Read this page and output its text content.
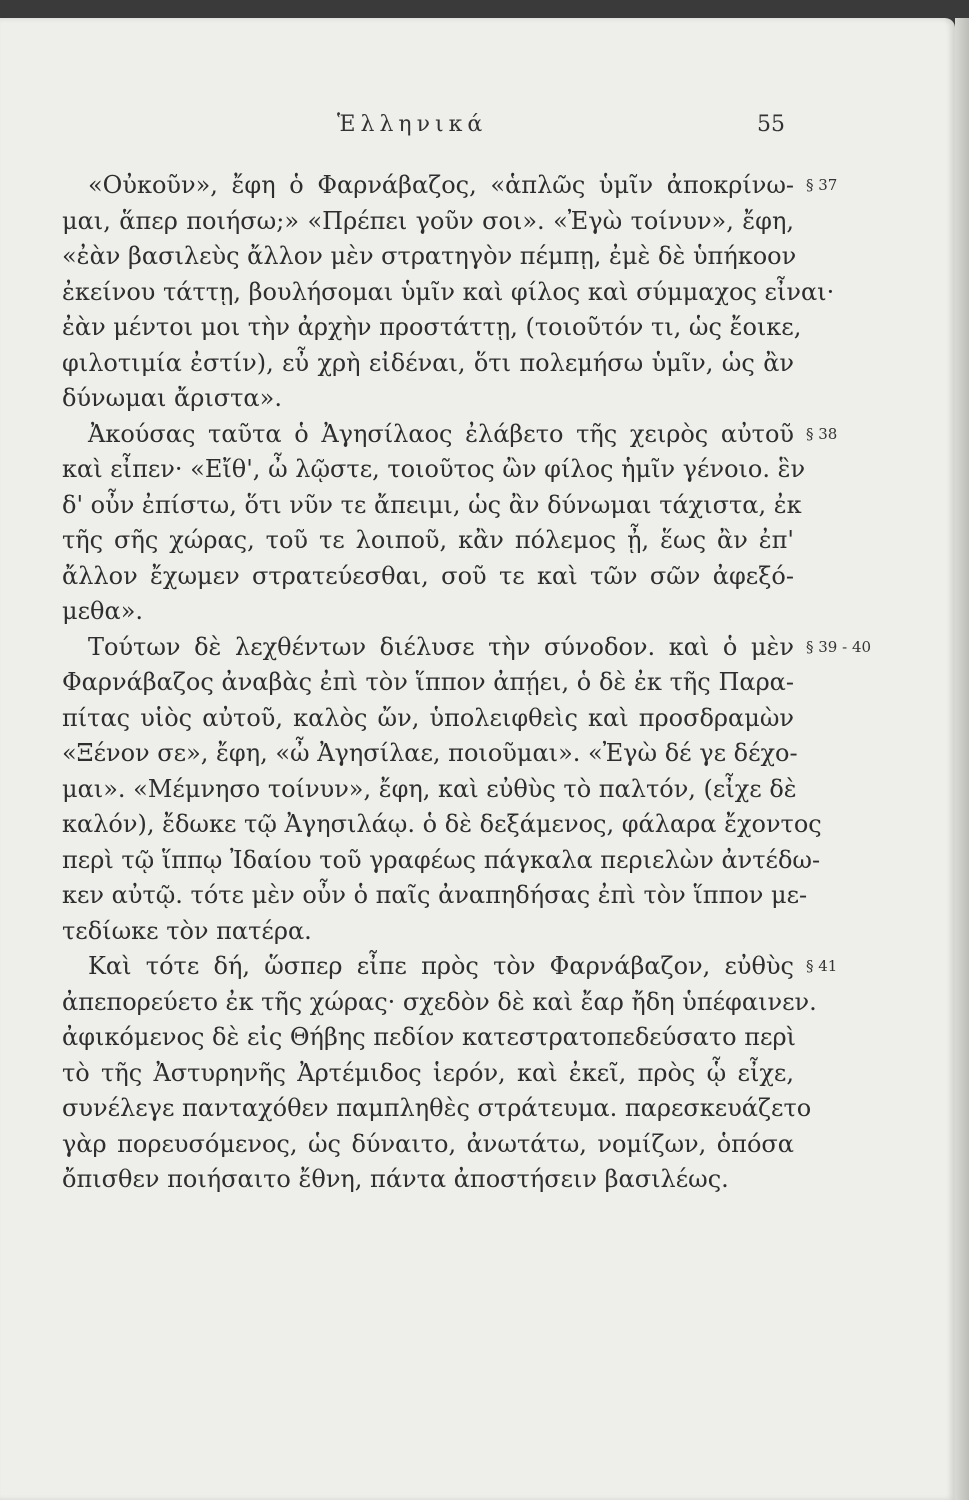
Ἑλληνικά	55
§ 37
«Οὐκοῦν», ἔφη ὁ Φαρνάβαζος, «ἁπλῶς ὑμῖν ἀποκρίνω-
μαι, ἅπερ ποιήσω;» «Πρέπει γοῦν σοι». «Ἐγὼ τοίνυν», ἔφη,
«ἐὰν βασιλεὺς ἄλλον μὲν στρατηγὸν πέμπῃ, ἐμὲ δὲ ὑπήκοον
ἐκείνου τάττῃ, βουλήσομαι ὑμῖν καὶ φίλος καὶ σύμμαχος εἶναι·
ἐὰν μέντοι μοι τὴν ἀρχὴν προστάττῃ, (τοιοῦτόν τι, ὡς ἔοικε,
φιλοτιμία ἐστίν), εὖ χρὴ εἰδέναι, ὅτι πολεμήσω ὑμῖν, ὡς ἂν
δύνωμαι ἄριστα».
§ 38
Ἀκούσας ταῦτα ὁ Ἀγησίλαος ἐλάβετο τῆς χειρὸς αὐτοῦ
καὶ εἶπεν· «Εἴθ', ὦ λῷστε, τοιοῦτος ὢν φίλος ἡμῖν γένοιο. ἓν
δ' οὖν ἐπίστω, ὅτι νῦν τε ἄπειμι, ὡς ἂν δύνωμαι τάχιστα, ἐκ
τῆς σῆς χώρας, τοῦ τε λοιποῦ, κἂν πόλεμος ᾖ, ἕως ἂν ἐπ'
ἄλλον ἔχωμεν στρατεύεσθαι, σοῦ τε καὶ τῶν σῶν ἀφεξό-
μεθα».
§ 39 - 40
Τούτων δὲ λεχθέντων διέλυσε τὴν σύνοδον. καὶ ὁ μὲν
Φαρνάβαζος ἀναβὰς ἐπὶ τὸν ἵππον ἀπῄει, ὁ δὲ ἐκ τῆς Παρα-
πίτας υἱὸς αὐτοῦ, καλὸς ὤν, ὑπολειφθεὶς καὶ προσδραμὼν
«Ξένον σε», ἔφη, «ὦ Ἀγησίλαε, ποιοῦμαι». «Ἐγὼ δέ γε δέχο-
μαι». «Μέμνησο τοίνυν», ἔφη, καὶ εὐθὺς τὸ παλτόν, (εἶχε δὲ
καλόν), ἔδωκε τῷ Ἀγησιλάῳ. ὁ δὲ δεξάμενος, φάλαρα ἔχοντος
περὶ τῷ ἵππῳ Ἰδαίου τοῦ γραφέως πάγκαλα περιελὼν ἀντέδω-
κεν αὐτῷ. τότε μὲν οὖν ὁ παῖς ἀναπηδήσας ἐπὶ τὸν ἵππον με-
τεδίωκε τὸν πατέρα.
§ 41
Καὶ τότε δή, ὥσπερ εἶπε πρὸς τὸν Φαρνάβαζον, εὐθὺς
ἀπεπορεύετο ἐκ τῆς χώρας· σχεδὸν δὲ καὶ ἔαρ ἤδη ὑπέφαινεν.
ἀφικόμενος δὲ εἰς Θήβης πεδίον κατεστρατοπεδεύσατο περὶ
τὸ τῆς Ἀστυρηνῆς Ἀρτέμιδος ἱερόν, καὶ ἐκεῖ, πρὸς ᾧ εἶχε,
συνέλεγε πανταχόθεν παμπληθὲς στράτευμα. παρεσκευάζετο
γὰρ πορευσόμενος, ὡς δύναιτο, ἀνωτάτω, νομίζων, ὁπόσα
ὄπισθεν ποιήσαιτο ἔθνη, πάντα ἀποστήσειν βασιλέως.
